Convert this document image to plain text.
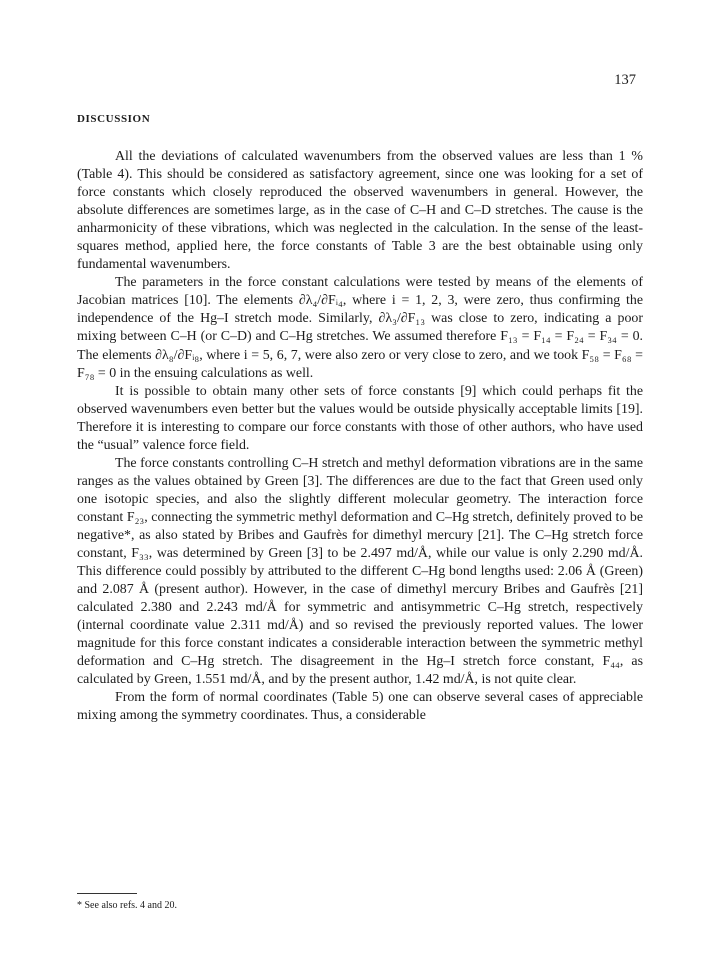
137
DISCUSSION

All the deviations of calculated wavenumbers from the observed values are less than 1 % (Table 4). This should be considered as satisfactory agreement, since one was looking for a set of force constants which closely reproduced the observed wavenumbers in general. However, the absolute differences are sometimes large, as in the case of C–H and C–D stretches. The cause is the anharmonicity of these vibrations, which was neglected in the calculation. In the sense of the least-squares method, applied here, the force constants of Table 3 are the best obtainable using only fundamental wavenumbers.

The parameters in the force constant calculations were tested by means of the elements of Jacobian matrices [10]. The elements ∂λ₄/∂Fᵢ₄, where i = 1, 2, 3, were zero, thus confirming the independence of the Hg–I stretch mode. Similarly, ∂λ₃/∂F₁₃ was close to zero, indicating a poor mixing between C–H (or C–D) and C–Hg stretches. We assumed therefore F₁₃ = F₁₄ = F₂₄ = F₃₄ = 0. The elements ∂λ₈/∂Fᵢ₈, where i = 5, 6, 7, were also zero or very close to zero, and we took F₅₈ = F₆₈ = F₇₈ = 0 in the ensuing calculations as well.

It is possible to obtain many other sets of force constants [9] which could perhaps fit the observed wavenumbers even better but the values would be outside physically acceptable limits [19]. Therefore it is interesting to compare our force constants with those of other authors, who have used the “usual” valence force field.

The force constants controlling C–H stretch and methyl deformation vibrations are in the same ranges as the values obtained by Green [3]. The differences are due to the fact that Green used only one isotopic species, and also the slightly different molecular geometry. The interaction force constant F₂₃, connecting the symmetric methyl deformation and C–Hg stretch, definitely proved to be negative*, as also stated by Bribes and Gaufrès for dimethyl mercury [21]. The C–Hg stretch force constant, F₃₃, was determined by Green [3] to be 2.497 md/Å, while our value is only 2.290 md/Å. This difference could possibly by attributed to the different C–Hg bond lengths used: 2.06 Å (Green) and 2.087 Å (present author). However, in the case of dimethyl mercury Bribes and Gaufrès [21] calculated 2.380 and 2.243 md/Å for symmetric and antisymmetric C–Hg stretch, respectively (internal coordinate value 2.311 md/Å) and so revised the previously reported values. The lower magnitude for this force constant indicates a considerable interaction between the symmetric methyl deformation and C–Hg stretch. The disagreement in the Hg–I stretch force constant, F₄₄, as calculated by Green, 1.551 md/Å, and by the present author, 1.42 md/Å, is not quite clear.

From the form of normal coordinates (Table 5) one can observe several cases of appreciable mixing among the symmetry coordinates. Thus, a considerable

* See also refs. 4 and 20.
